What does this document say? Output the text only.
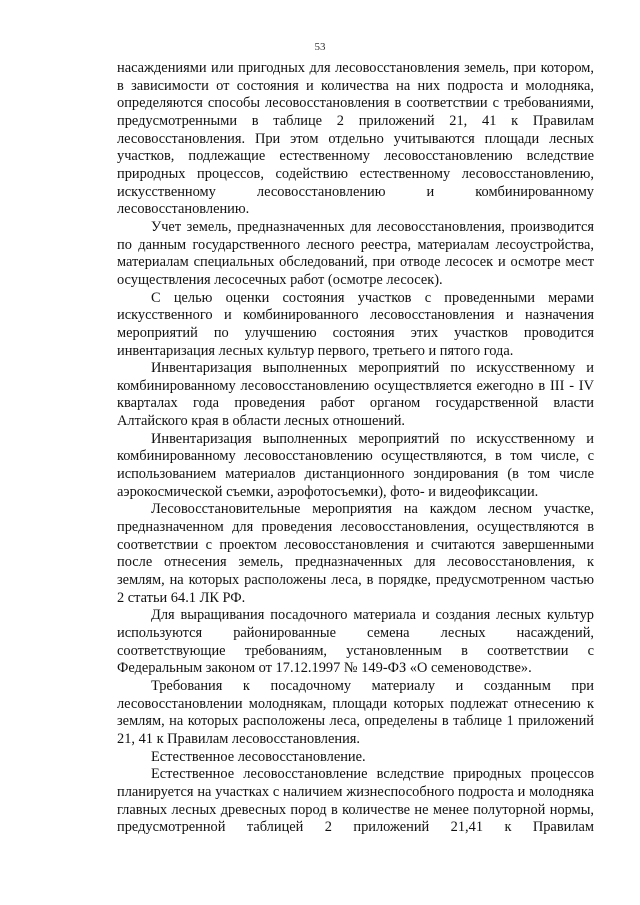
53

насаждениями или пригодных для лесовосстановления земель, при котором, в зависимости от состояния и количества на них подроста и молодняка, определяются способы лесовосстановления в соответствии с требованиями, предусмотренными в таблице 2 приложений 21, 41 к Правилам лесовосстановления. При этом отдельно учитываются площади лесных участков, подлежащие естественному лесовосстановлению вследствие природных процессов, содействию естественному лесовосстановлению, искусственному лесовосстановлению и комбинированному лесовосстановлению.

Учет земель, предназначенных для лесовосстановления, производится по данным государственного лесного реестра, материалам лесоустройства, материалам специальных обследований, при отводе лесосек и осмотре мест осуществления лесосечных работ (осмотре лесосек).

С целью оценки состояния участков с проведенными мерами искусственного и комбинированного лесовосстановления и назначения мероприятий по улучшению состояния этих участков проводится инвентаризация лесных культур первого, третьего и пятого года.

Инвентаризация выполненных мероприятий по искусственному и комбинированному лесовосстановлению осуществляется ежегодно в III - IV кварталах года проведения работ органом государственной власти Алтайского края в области лесных отношений.

Инвентаризация выполненных мероприятий по искусственному и комбинированному лесовосстановлению осуществляются, в том числе, с использованием материалов дистанционного зондирования (в том числе аэрокосмической съемки, аэрофотосъемки), фото- и видеофиксации.

Лесовосстановительные мероприятия на каждом лесном участке, предназначенном для проведения лесовосстановления, осуществляются в соответствии с проектом лесовосстановления и считаются завершенными после отнесения земель, предназначенных для лесовосстановления, к землям, на которых расположены леса, в порядке, предусмотренном частью 2 статьи 64.1 ЛК РФ.

Для выращивания посадочного материала и создания лесных культур используются районированные семена лесных насаждений, соответствующие требованиям, установленным в соответствии с Федеральным законом от 17.12.1997 № 149-ФЗ «О семеноводстве».

Требования к посадочному материалу и созданным при лесовосстановлении молоднякам, площади которых подлежат отнесению к землям, на которых расположены леса, определены в таблице 1 приложений 21, 41 к Правилам лесовосстановления.

Естественное лесовосстановление.

Естественное лесовосстановление вследствие природных процессов планируется на участках с наличием жизнеспособного подроста и молодняка главных лесных древесных пород в количестве не менее полуторной нормы, предусмотренной таблицей 2 приложений 21,41 к Правилам
